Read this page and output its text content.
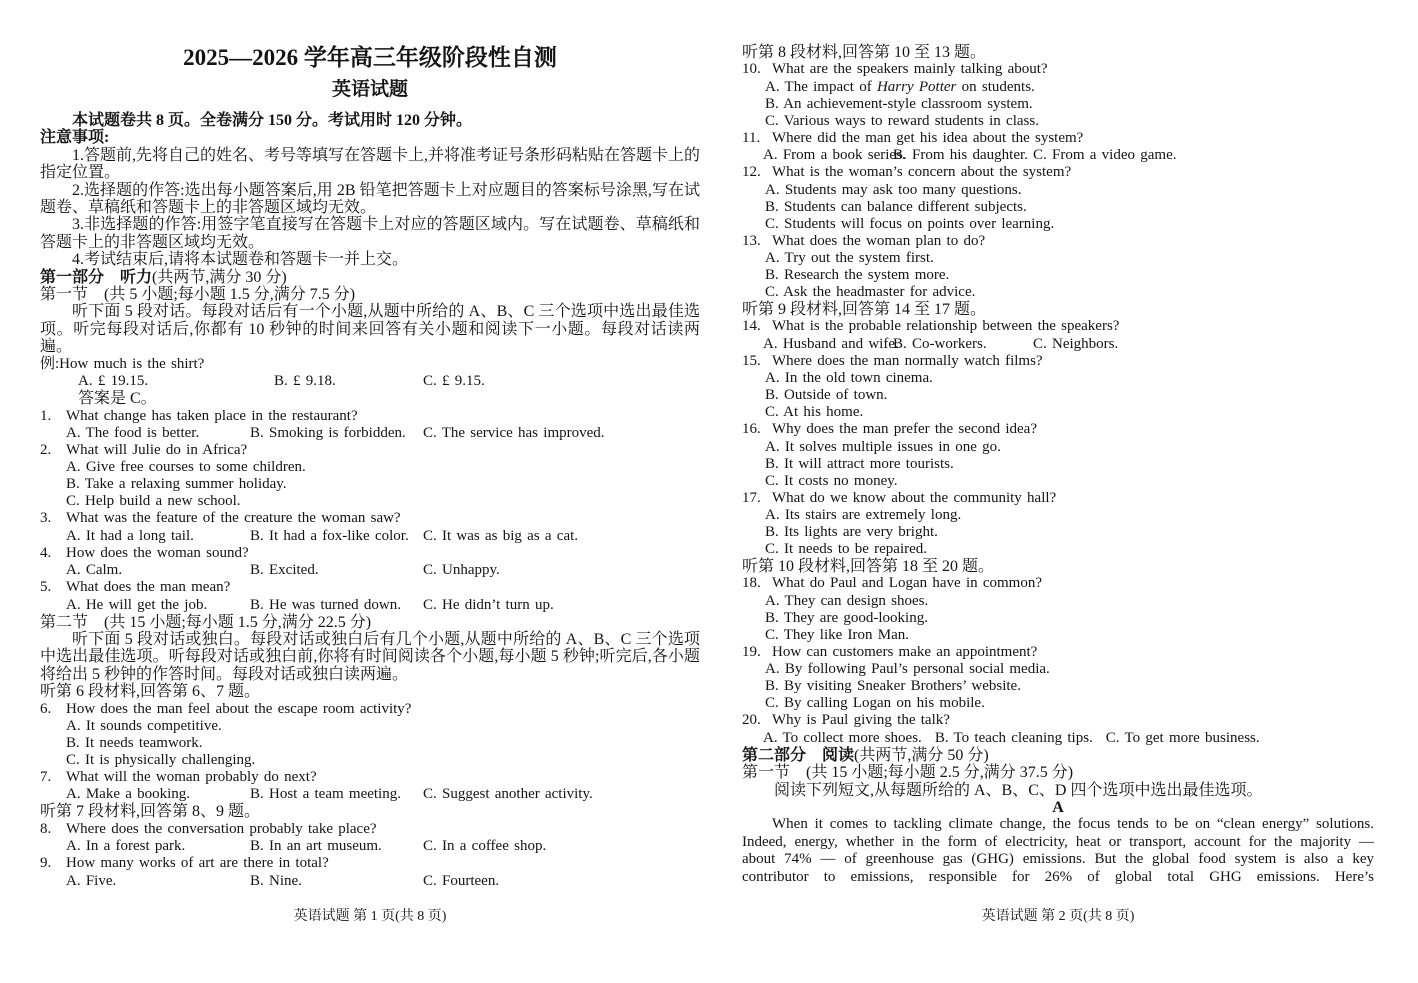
2025—2026 学年高三年级阶段性自测
英语试题

本试题卷共 8 页。全卷满分 150 分。考试用时 120 分钟。

注意事项:

1.答题前,先将自己的姓名、考号等填写在答题卡上,并将准考证号条形码粘贴在答题卡上的指定位置。

2.选择题的作答:选出每小题答案后,用 2B 铅笔把答题卡上对应题目的答案标号涂黑,写在试题卷、草稿纸和答题卡上的非答题区域均无效。

3.非选择题的作答:用签字笔直接写在答题卡上对应的答题区域内。写在试题卷、草稿纸和答题卡上的非答题区域均无效。

4.考试结束后,请将本试题卷和答题卡一并上交。

第一部分　听力(共两节,满分 30 分)

第一节　(共 5 小题;每小题 1.5 分,满分 7.5 分)

听下面 5 段对话。每段对话后有一个小题,从题中所给的 A、B、C 三个选项中选出最佳选项。听完每段对话后,你都有 10 秒钟的时间来回答有关小题和阅读下一小题。每段对话读两遍。

例:How much is the shirt?

A. £ 19.15.	B. £ 9.18.	C. £ 9.15.

答案是 C。

1. What change has taken place in the restaurant?

A. The food is better.	B. Smoking is forbidden.	C. The service has improved.

2. What will Julie do in Africa?

A. Give free courses to some children.
B. Take a relaxing summer holiday.
C. Help build a new school.

3. What was the feature of the creature the woman saw?

A. It had a long tail.	B. It had a fox-like color. C. It was as big as a cat.

4. How does the woman sound?

A. Calm.	B. Excited.	C. Unhappy.

5. What does the man mean?

A. He will get the job.	B. He was turned down.	C. He didn’t turn up.

第二节　(共 15 小题;每小题 1.5 分,满分 22.5 分)

听下面 5 段对话或独白。每段对话或独白后有几个小题,从题中所给的 A、B、C 三个选项中选出最佳选项。听每段对话或独白前,你将有时间阅读各个小题,每小题 5 秒钟;听完后,各小题将给出 5 秒钟的作答时间。每段对话或独白读两遍。

听第 6 段材料,回答第 6、7 题。

6. How does the man feel about the escape room activity?

A. It sounds competitive.
B. It needs teamwork.
C. It is physically challenging.

7. What will the woman probably do next?

A. Make a booking.	B. Host a team meeting.	C. Suggest another activity.

听第 7 段材料,回答第 8、9 题。

8. Where does the conversation probably take place?

A. In a forest park.	B. In an art museum.	C. In a coffee shop.

9. How many works of art are there in total?

A. Five.	B. Nine.	C. Fourteen.

听第 8 段材料,回答第 10 至 13 题。

10. What are the speakers mainly talking about?

A. The impact of Harry Potter on students.
B. An achievement-style classroom system.
C. Various ways to reward students in class.

11. Where did the man get his idea about the system?

A. From a book series.
B. From his daughter. C. From a video game.

12. What is the woman’s concern about the system?

A. Students may ask too many questions.
B. Students can balance different subjects.
C. Students will focus on points over learning.

13. What does the woman plan to do?

A. Try out the system first.
B. Research the system more.
C. Ask the headmaster for advice.

听第 9 段材料,回答第 14 至 17 题。

14. What is the probable relationship between the speakers?

A. Husband and wife.
B. Co-workers.	C. Neighbors.

15. Where does the man normally watch films?

A. In the old town cinema.
B. Outside of town.
C. At his home.

16. Why does the man prefer the second idea?

A. It solves multiple issues in one go.
B. It will attract more tourists.
C. It costs no money.

17. What do we know about the community hall?

A. Its stairs are extremely long.
B. Its lights are very bright.
C. It needs to be repaired.

听第 10 段材料,回答第 18 至 20 题。

18. What do Paul and Logan have in common?

A. They can design shoes.
B. They are good-looking.
C. They like Iron Man.

19. How can customers make an appointment?

A. By following Paul’s personal social media.
B. By visiting Sneaker Brothers’ website.
C. By calling Logan on his mobile.

20. Why is Paul giving the talk?

A. To collect more shoes. B. To teach cleaning tips. C. To get more business.

第二部分　阅读(共两节,满分 50 分)

第一节　(共 15 小题;每小题 2.5 分,满分 37.5 分)

阅读下列短文,从每题所给的 A、B、C、D 四个选项中选出最佳选项。

A

When it comes to tackling climate change, the focus tends to be on “clean energy” solutions. Indeed, energy, whether in the form of electricity, heat or transport, account for the majority — about 74% — of greenhouse gas (GHG) emissions. But the global food system is also a key contributor to emissions, responsible for 26% of global total GHG emissions. Here’s

英语试题 第 1 页(共 8 页)	英语试题 第 2 页(共 8 页)
